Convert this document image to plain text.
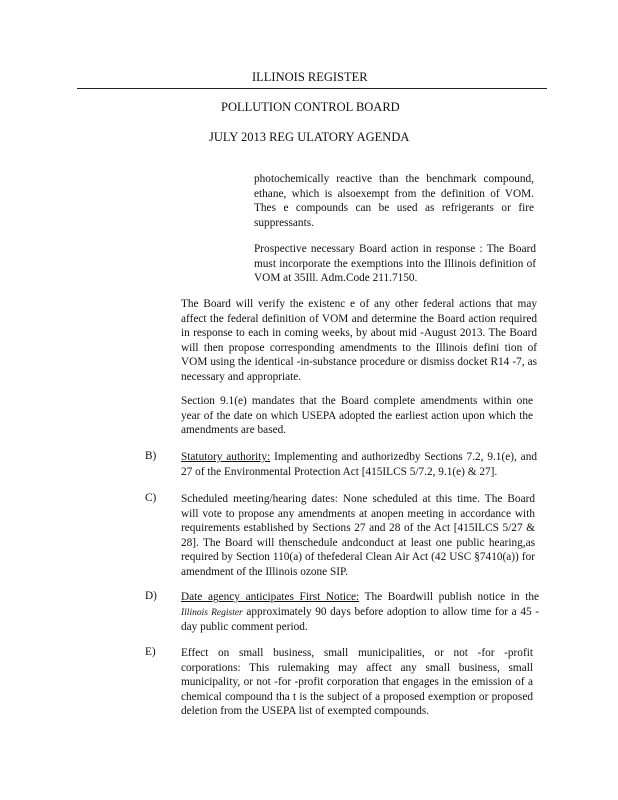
ILLINOIS REGISTER
POLLUTION CONTROL BOARD
JULY 2013 REG ULATORY AGENDA

photochemically reactive than the benchmark compound, ethane, which is alsoexempt from the definition of VOM. Thes e compounds can be used as refrigerants or fire suppressants.

Prospective necessary Board action in response : The Board must incorporate the exemptions into the Illinois definition of VOM at 35Ill. Adm.Code 211.7150.

The Board will verify the existenc e of any other federal actions that may affect the federal definition of VOM and determine the Board action required in response to each in coming weeks, by about mid -August 2013. The Board will then propose corresponding amendments to the Illinois defini tion of VOM using the identical -in-substance procedure or dismiss docket R14 -7, as necessary and appropriate.

Section 9.1(e) mandates that the Board complete amendments within one year of the date on which USEPA adopted the earliest action upon which the amendments are based.

B) Statutory authority: Implementing and authorizedby Sections 7.2, 9.1(e), and 27 of the Environmental Protection Act [415ILCS 5/7.2, 9.1(e) & 27].

C) Scheduled meeting/hearing dates: None scheduled at this time. The Board will vote to propose any amendments at anopen meeting in accordance with requirements established by Sections 27 and 28 of the Act [415ILCS 5/27 & 28]. The Board will thenschedule andconduct at least one public hearing,as required by Section 110(a) of thefederal Clean Air Act (42 USC §7410(a)) for amendment of the Illinois ozone SIP.

D) Date agency anticipates First Notice: The Boardwill publish notice in the Illinois Register approximately 90 days before adoption to allow time for a 45 -day public comment period.

E) Effect on small business, small municipalities, or not -for -profit corporations: This rulemaking may affect any small business, small municipality, or not -for -profit corporation that engages in the emission of a chemical compound tha t is the subject of a proposed exemption or proposed deletion from the USEPA list of exempted compounds.
